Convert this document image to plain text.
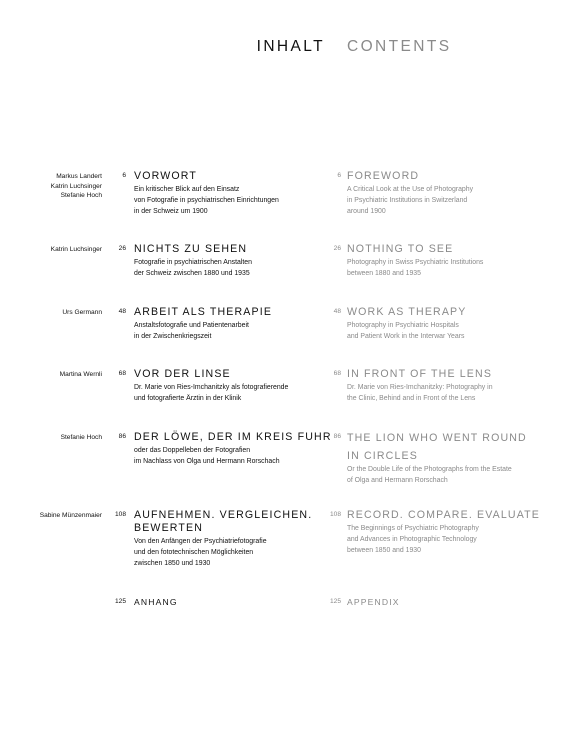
INHALT CONTENTS
Markus Landert
Katrin Luchsinger
Stefanie Hoch
6 VORWORT
Ein kritischer Blick auf den Einsatz
von Fotografie in psychiatrischen Einrichtungen
in der Schweiz um 1900
6 FOREWORD
A Critical Look at the Use of Photography
in Psychiatric Institutions in Switzerland
around 1900
Katrin Luchsinger	26 NICHTS ZU SEHEN
Fotografie in psychiatrischen Anstalten
der Schweiz zwischen 1880 und 1935
26 NOTHING TO SEE
Photography in Swiss Psychiatric Institutions
between 1880 and 1935
Urs Germann	48 ARBEIT ALS THERAPIE
Anstaltsfotografie und Patientenarbeit
in der Zwischenkriegszeit
48 WORK AS THERAPY
Photography in Psychiatric Hospitals
and Patient Work in the Interwar Years
Martina Wernli	68 VOR DER LINSE
Dr. Marie von Ries-Imchanitzky als fotografierende
und fotografierte Ärztin in der Klinik
68 IN FRONT OF THE LENS
Dr. Marie von Ries-Imchanitzky: Photography in
the Clinic, Behind and in Front of the Lens
Stefanie Hoch	86 DER LÖWE, DER IM KREIS FUHR
oder das Doppelleben der Fotografien
im Nachlass von Olga und Hermann Rorschach
86 THE LION WHO WENT ROUND
IN CIRCLES
Or the Double Life of the Photographs from the Estate
of Olga and Hermann Rorschach
Sabine Münzenmaier 108 AUFNEHMEN. VERGLEICHEN.
BEWERTEN
Von den Anfängen der Psychiatriefotografie
und den fototechnischen Möglichkeiten
zwischen 1850 und 1930
108 RECORD. COMPARE. EVALUATE
The Beginnings of Psychiatric Photography
and Advances in Photographic Technology
between 1850 and 1930
125 ANHANG	125 APPENDIX
